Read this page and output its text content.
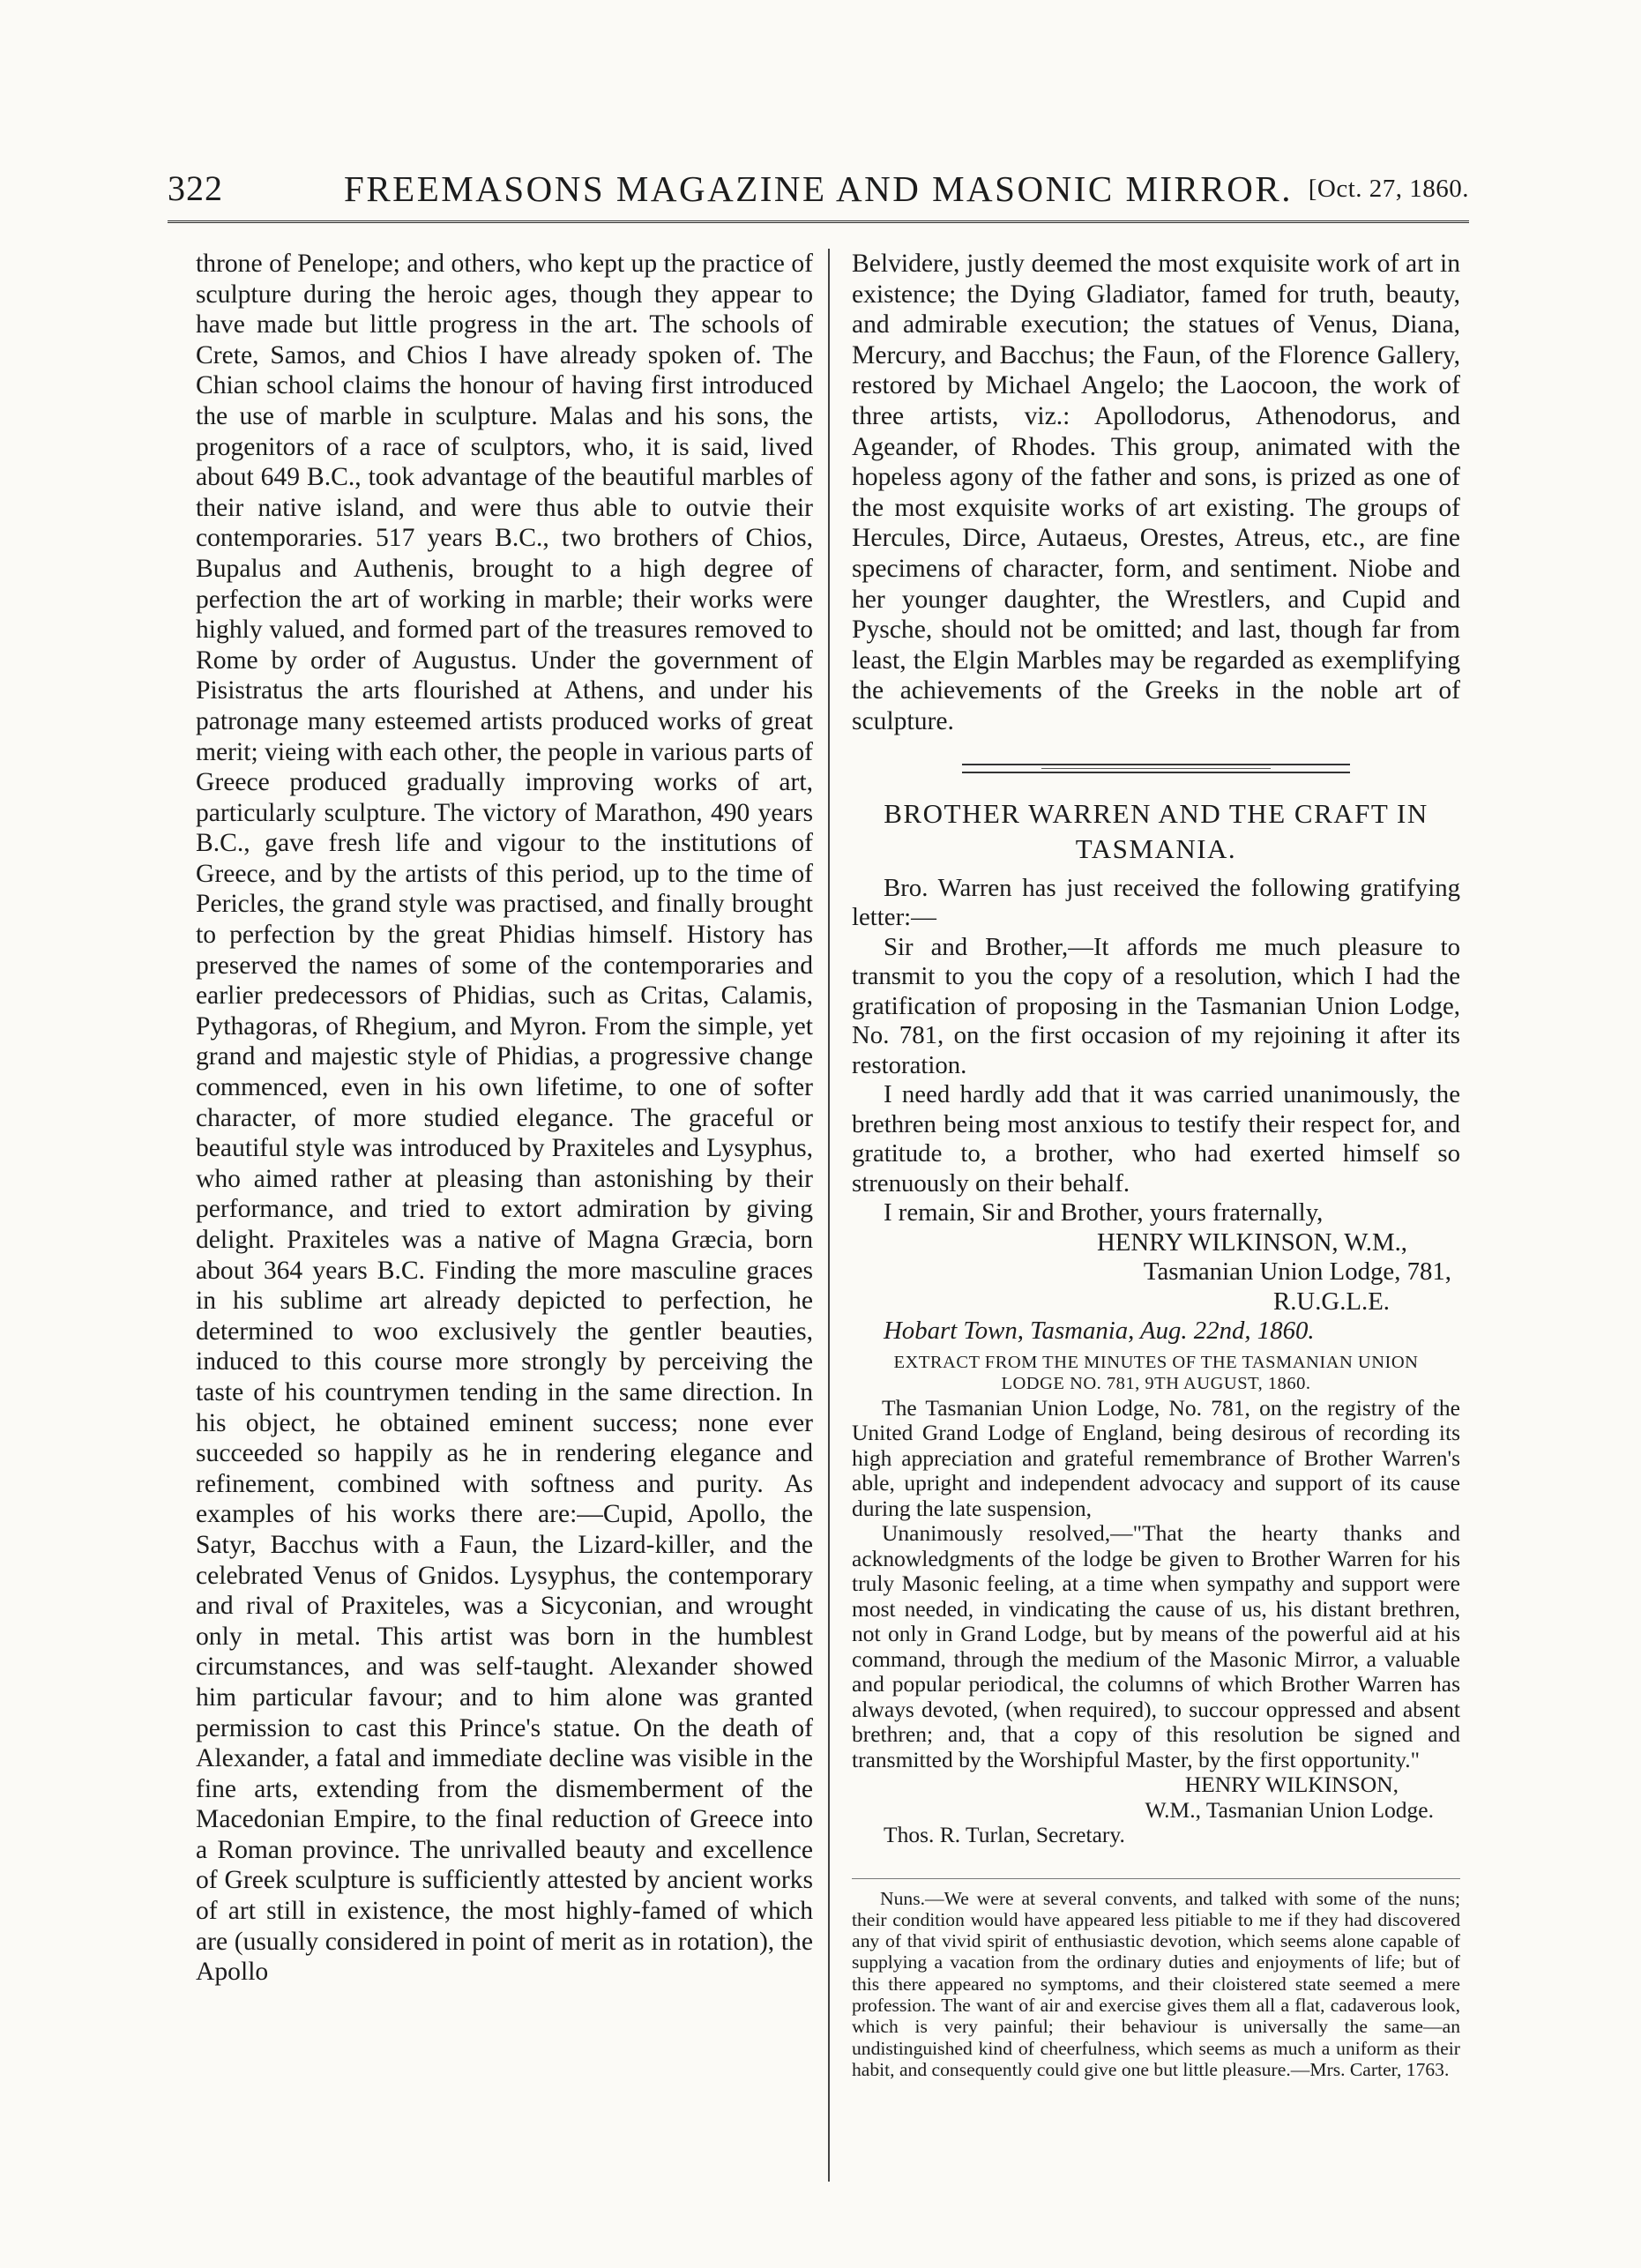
322	FREEMASONS MAGAZINE AND MASONIC MIRROR. [Oct. 27, 1860.

throne of Penelope; and others, who kept up the practice of sculpture during the heroic ages, though they appear to have made but little progress in the art. The schools of Crete, Samos, and Chios I have already spoken of. The Chian school claims the honour of having first introduced the use of marble in sculpture. Malas and his sons, the progenitors of a race of sculptors, who, it is said, lived about 649 B.C., took advantage of the beautiful marbles of their native island, and were thus able to outvie their contemporaries. 517 years B.C., two brothers of Chios, Bupalus and Authenis, brought to a high degree of perfection the art of working in marble; their works were highly valued, and formed part of the treasures removed to Rome by order of Augustus. Under the government of Pisistratus the arts flourished at Athens, and under his patronage many esteemed artists produced works of great merit; vieing with each other, the people in various parts of Greece produced gradually improving works of art, particularly sculpture. The victory of Marathon, 490 years B.C., gave fresh life and vigour to the institutions of Greece, and by the artists of this period, up to the time of Pericles, the grand style was practised, and finally brought to perfection by the great Phidias himself. History has preserved the names of some of the contemporaries and earlier predecessors of Phidias, such as Critas, Calamis, Pythagoras, of Rhegium, and Myron. From the simple, yet grand and majestic style of Phidias, a progressive change commenced, even in his own lifetime, to one of softer character, of more studied elegance. The graceful or beautiful style was introduced by Praxiteles and Lysyphus, who aimed rather at pleasing than astonishing by their performance, and tried to extort admiration by giving delight. Praxiteles was a native of Magna Græcia, born about 364 years B.C. Finding the more masculine graces in his sublime art already depicted to perfection, he determined to woo exclusively the gentler beauties, induced to this course more strongly by perceiving the taste of his countrymen tending in the same direction. In his object, he obtained eminent success; none ever succeeded so happily as he in rendering elegance and refinement, combined with softness and purity. As examples of his works there are:—Cupid, Apollo, the Satyr, Bacchus with a Faun, the Lizard-killer, and the celebrated Venus of Gnidos. Lysyphus, the contemporary and rival of Praxiteles, was a Sicyconian, and wrought only in metal. This artist was born in the humblest circumstances, and was self-taught. Alexander showed him particular favour; and to him alone was granted permission to cast this Prince's statue. On the death of Alexander, a fatal and immediate decline was visible in the fine arts, extending from the dismemberment of the Macedonian Empire, to the final reduction of Greece into a Roman province. The unrivalled beauty and excellence of Greek sculpture is sufficiently attested by ancient works of art still in existence, the most highly-famed of which are (usually considered in point of merit as in rotation), the Apollo

Belvidere, justly deemed the most exquisite work of art in existence; the Dying Gladiator, famed for truth, beauty, and admirable execution; the statues of Venus, Diana, Mercury, and Bacchus; the Faun, of the Florence Gallery, restored by Michael Angelo; the Laocoon, the work of three artists, viz.: Apollodorus, Athenodorus, and Ageander, of Rhodes. This group, animated with the hopeless agony of the father and sons, is prized as one of the most exquisite works of art existing. The groups of Hercules, Dirce, Autaeus, Orestes, Atreus, etc., are fine specimens of character, form, and sentiment. Niobe and her younger daughter, the Wrestlers, and Cupid and Pysche, should not be omitted; and last, though far from least, the Elgin Marbles may be regarded as exemplifying the achievements of the Greeks in the noble art of sculpture.

BROTHER WARREN AND THE CRAFT IN
TASMANIA.

Bro. Warren has just received the following gratifying letter:—

Sir and Brother,—It affords me much pleasure to transmit to you the copy of a resolution, which I had the gratification of proposing in the Tasmanian Union Lodge, No. 781, on the first occasion of my rejoining it after its restoration.

I need hardly add that it was carried unanimously, the brethren being most anxious to testify their respect for, and gratitude to, a brother, who had exerted himself so strenuously on their behalf.

I remain, Sir and Brother, yours fraternally,

HENRY WILKINSON, W.M.,
Tasmanian Union Lodge, 781,
R.U.G.L.E.
Hobart Town, Tasmania, Aug. 22nd, 1860.
EXTRACT FROM THE MINUTES OF THE TASMANIAN UNION
LODGE NO. 781, 9TH AUGUST, 1860.

The Tasmanian Union Lodge, No. 781, on the registry of the United Grand Lodge of England, being desirous of recording its high appreciation and grateful remembrance of Brother Warren's able, upright and independent advocacy and support of its cause during the late suspension,

Unanimously resolved,—"That the hearty thanks and acknowledgments of the lodge be given to Brother Warren for his truly Masonic feeling, at a time when sympathy and support were most needed, in vindicating the cause of us, his distant brethren, not only in Grand Lodge, but by means of the powerful aid at his command, through the medium of the Masonic Mirror, a valuable and popular periodical, the columns of which Brother Warren has always devoted, (when required), to succour oppressed and absent brethren; and, that a copy of this resolution be signed and transmitted by the Worshipful Master, by the first opportunity."

HENRY WILKINSON,
W.M., Tasmanian Union Lodge.
Thos. R. Turlan, Secretary.

Nuns.—We were at several convents, and talked with some of the nuns; their condition would have appeared less pitiable to me if they had discovered any of that vivid spirit of enthusiastic devotion, which seems alone capable of supplying a vacation from the ordinary duties and enjoyments of life; but of this there appeared no symptoms, and their cloistered state seemed a mere profession. The want of air and exercise gives them all a flat, cadaverous look, which is very painful; their behaviour is universally the same—an undistinguished kind of cheerfulness, which seems as much a uniform as their habit, and consequently could give one but little pleasure.—Mrs. Carter, 1763.
